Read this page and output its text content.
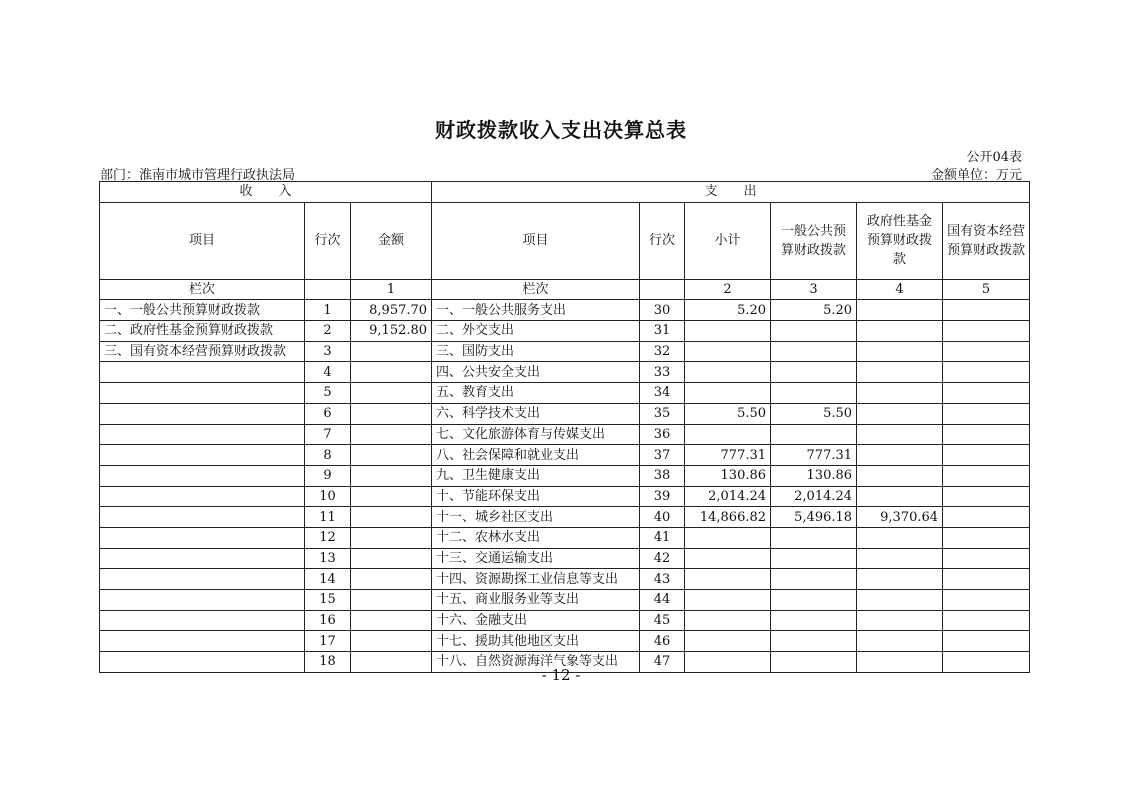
财政拨款收入支出决算总表
公开04表
部门：淮南市城市管理行政执法局	金额单位：万元
收　　入			支　　出					
项目	行次	金额	项目	行次	小计	一般公共预算财政拨款	政府性基金预算财政拨款	国有资本经营预算财政拨款
栏次		1	栏次		2	3	4	5
一、一般公共预算财政拨款	1	8,957.70	一、一般公共服务支出	30	5.20	5.20		
二、政府性基金预算财政拨款	2	9,152.80	二、外交支出	31				
三、国有资本经营预算财政拨款	3		三、国防支出	32				
	4		四、公共安全支出	33				
	5		五、教育支出	34				
	6		六、科学技术支出	35	5.50	5.50		
	7		七、文化旅游体育与传媒支出	36				
	8		八、社会保障和就业支出	37	777.31	777.31		
	9		九、卫生健康支出	38	130.86	130.86		
	10		十、节能环保支出	39	2,014.24	2,014.24		
	11		十一、城乡社区支出	40	14,866.82	5,496.18	9,370.64	
	12		十二、农林水支出	41				
	13		十三、交通运输支出	42				
	14		十四、资源勘探工业信息等支出	43				
	15		十五、商业服务业等支出	44				
	16		十六、金融支出	45				
	17		十七、援助其他地区支出	46				
	18		十八、自然资源海洋气象等支出	47				
- 12 -
